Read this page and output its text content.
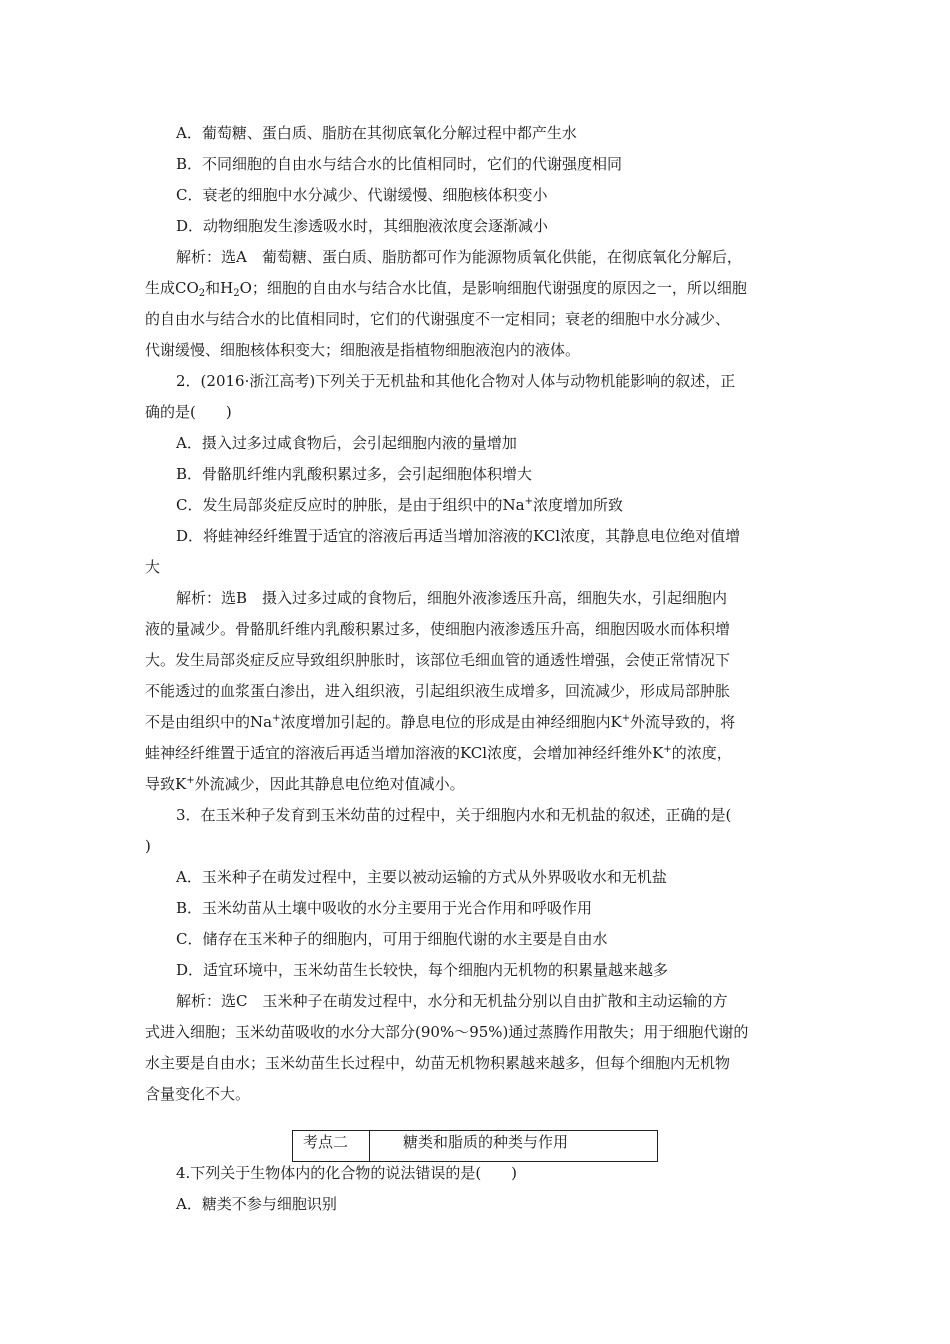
A．葡萄糖、蛋白质、脂肪在其彻底氧化分解过程中都产生水
B．不同细胞的自由水与结合水的比值相同时，它们的代谢强度相同
C．衰老的细胞中水分减少、代谢缓慢、细胞核体积变小
D．动物细胞发生渗透吸水时，其细胞液浓度会逐渐减小
解析：选A　葡萄糖、蛋白质、脂肪都可作为能源物质氧化供能，在彻底氧化分解后，
生成$CO_2$和$H_2O$；细胞的自由水与结合水比值，是影响细胞代谢强度的原因之一，所以细胞
的自由水与结合水的比值相同时，它们的代谢强度不一定相同；衰老的细胞中水分减少、
代谢缓慢、细胞核体积变大；细胞液是指植物细胞液泡内的液体。
2．(2016·浙江高考)下列关于无机盐和其他化合物对人体与动物机能影响的叙述，正
确的是(　　)
A．摄入过多过咸食物后，会引起细胞内液的量增加
B．骨骼肌纤维内乳酸积累过多，会引起细胞体积增大
C．发生局部炎症反应时的肿胀，是由于组织中的Na+浓度增加所致
D．将蛙神经纤维置于适宜的溶液后再适当增加溶液的KCl浓度，其静息电位绝对值增
大
解析：选B　摄入过多过咸的食物后，细胞外液渗透压升高，细胞失水，引起细胞内
液的量减少。骨骼肌纤维内乳酸积累过多，使细胞内液渗透压升高，细胞因吸水而体积增
大。发生局部炎症反应导致组织肿胀时，该部位毛细血管的通透性增强，会使正常情况下
不能透过的血浆蛋白渗出，进入组织液，引起组织液生成增多，回流减少，形成局部肿胀
不是由组织中的Na+浓度增加引起的。静息电位的形成是由神经细胞内K+外流导致的，将
蛙神经纤维置于适宜的溶液后再适当增加溶液的KCl浓度，会增加神经纤维外K+的浓度，
导致K+外流减少，因此其静息电位绝对值减小。
3．在玉米种子发育到玉米幼苗的过程中，关于细胞内水和无机盐的叙述，正确的是(
)
A．玉米种子在萌发过程中，主要以被动运输的方式从外界吸收水和无机盐
B．玉米幼苗从土壤中吸收的水分主要用于光合作用和呼吸作用
C．储存在玉米种子的细胞内，可用于细胞代谢的水主要是自由水
D．适宜环境中，玉米幼苗生长较快，每个细胞内无机物的积累量越来越多
解析：选C　玉米种子在萌发过程中，水分和无机盐分别以自由扩散和主动运输的方
式进入细胞；玉米幼苗吸收的水分大部分(90%～95%)通过蒸腾作用散失；用于细胞代谢的
水主要是自由水；玉米幼苗生长过程中，幼苗无机物积累越来越多，但每个细胞内无机物
含量变化不大。
考点二	糖类和脂质的种类与作用
4.下列关于生物体内的化合物的说法错误的是(　　)
A．糖类不参与细胞识别
